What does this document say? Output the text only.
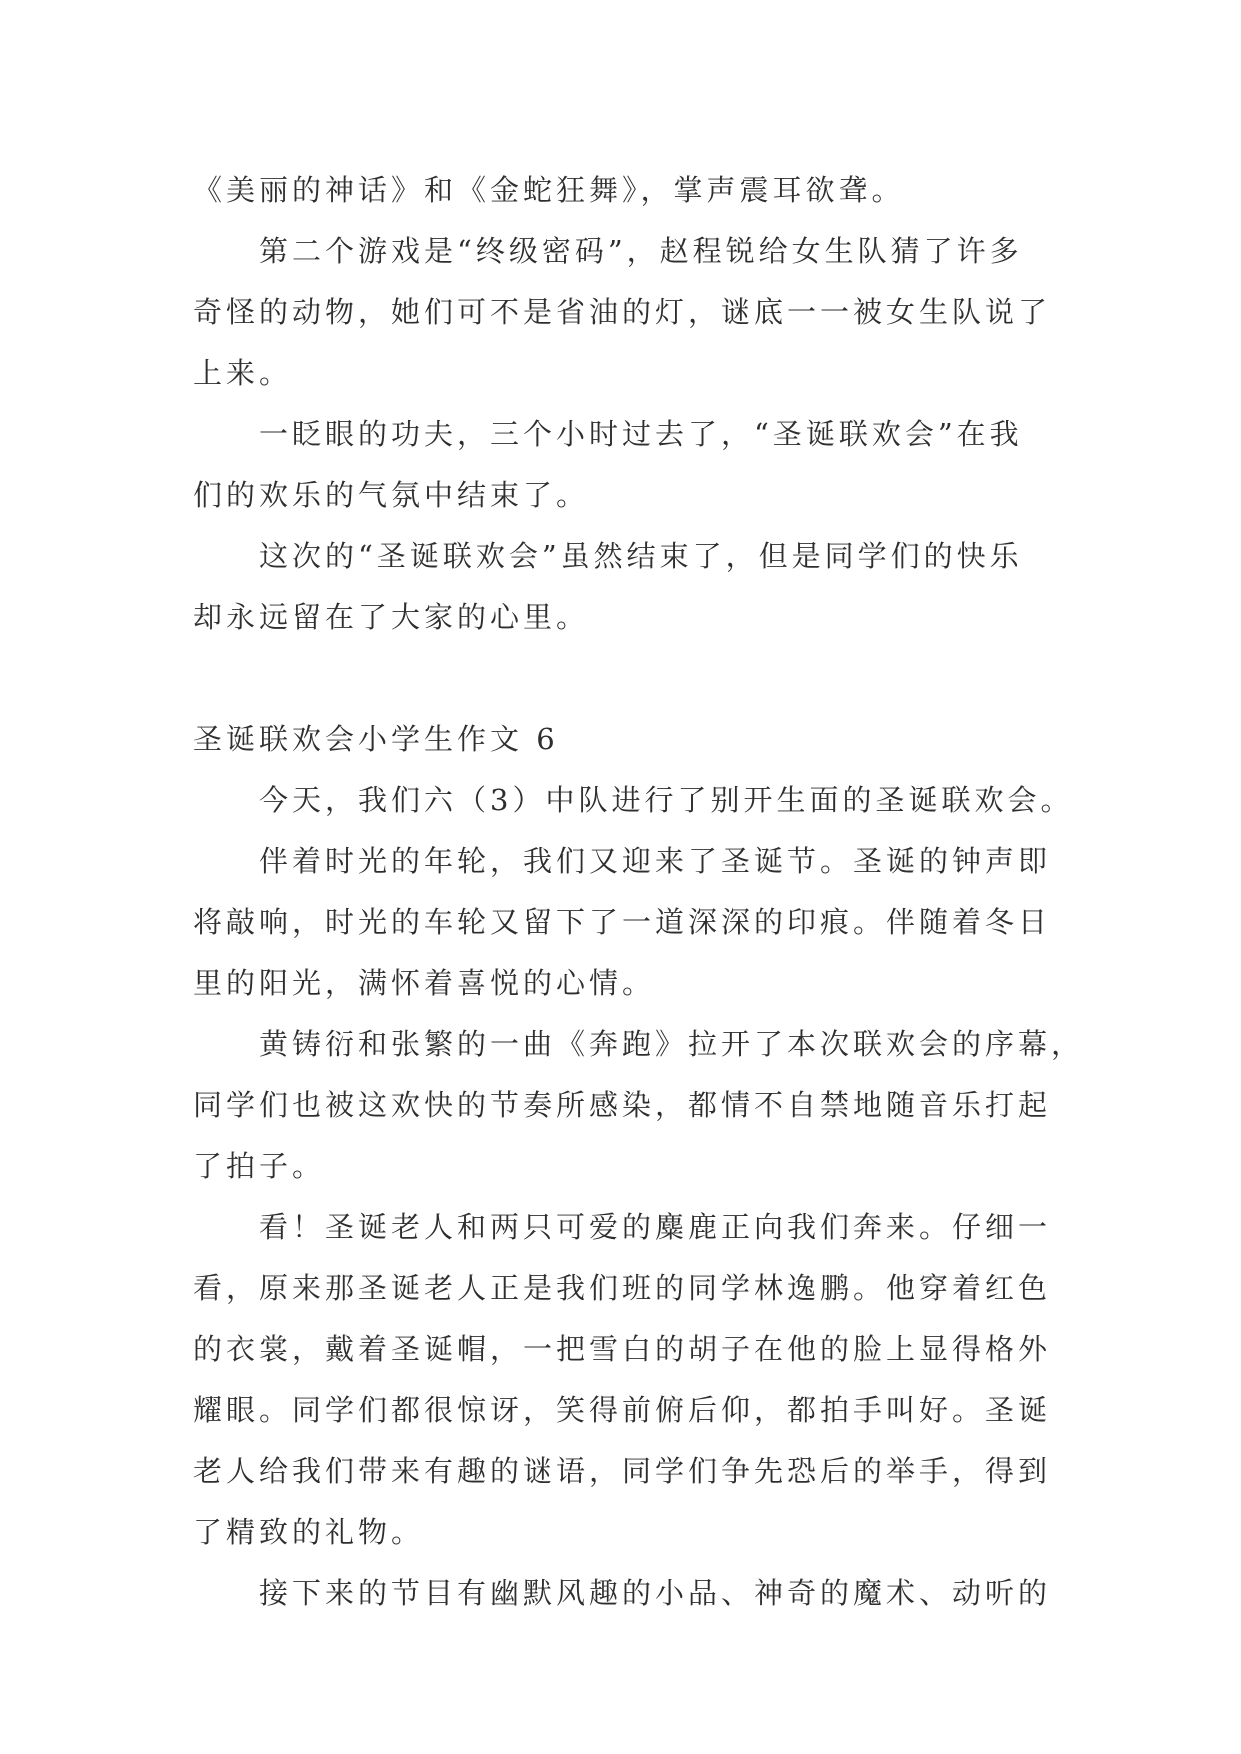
《美丽的神话》和《金蛇狂舞》，掌声震耳欲聋。
第二个游戏是“终级密码”，赵程锐给女生队猜了许多
奇怪的动物，她们可不是省油的灯，谜底一一被女生队说了
上来。
一眨眼的功夫，三个小时过去了，“圣诞联欢会”在我
们的欢乐的气氛中结束了。
这次的“圣诞联欢会”虽然结束了，但是同学们的快乐
却永远留在了大家的心里。
圣诞联欢会小学生作文 6
今天，我们六（3）中队进行了别开生面的圣诞联欢会。
伴着时光的年轮，我们又迎来了圣诞节。圣诞的钟声即
将敲响，时光的车轮又留下了一道深深的印痕。伴随着冬日
里的阳光，满怀着喜悦的心情。
黄铸衍和张繁的一曲《奔跑》拉开了本次联欢会的序幕，
同学们也被这欢快的节奏所感染，都情不自禁地随音乐打起
了拍子。
看！圣诞老人和两只可爱的麋鹿正向我们奔来。仔细一
看，原来那圣诞老人正是我们班的同学林逸鹏。他穿着红色
的衣裳，戴着圣诞帽，一把雪白的胡子在他的脸上显得格外
耀眼。同学们都很惊讶，笑得前俯后仰，都拍手叫好。圣诞
老人给我们带来有趣的谜语，同学们争先恐后的举手，得到
了精致的礼物。
接下来的节目有幽默风趣的小品、神奇的魔术、动听的
